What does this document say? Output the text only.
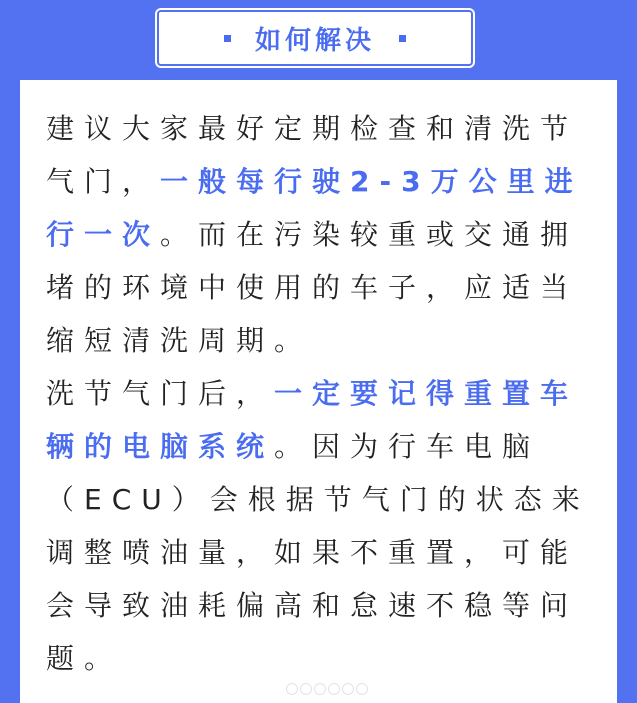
如何解决

建议大家最好定期检查和清洗节气门，一般每行驶2-3万公里进行一次。而在污染较重或交通拥堵的环境中使用的车子，应适当缩短清洗周期。

洗节气门后，一定要记得重置车辆的电脑系统。因为行车电脑（ECU）会根据节气门的状态来调整喷油量，如果不重置，可能会导致油耗偏高和怠速不稳等问题。
